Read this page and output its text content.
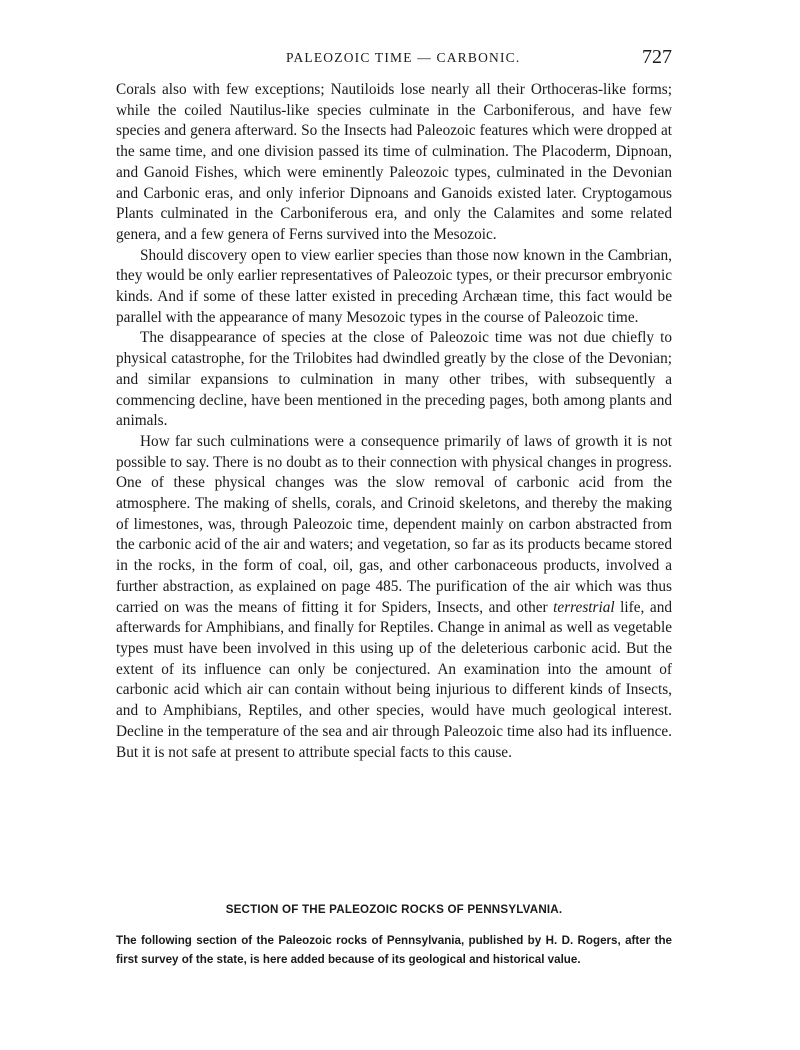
PALEOZOIC TIME — CARBONIC.	727

Corals also with few exceptions; Nautiloids lose nearly all their Orthoceras-like forms; while the coiled Nautilus-like species culminate in the Carboniferous, and have few species and genera afterward. So the Insects had Paleozoic features which were dropped at the same time, and one division passed its time of culmination. The Placoderm, Dipnoan, and Ganoid Fishes, which were eminently Paleozoic types, culminated in the Devonian and Carbonic eras, and only inferior Dipnoans and Ganoids existed later. Cryptogamous Plants culminated in the Carboniferous era, and only the Calamites and some related genera, and a few genera of Ferns survived into the Mesozoic.

Should discovery open to view earlier species than those now known in the Cambrian, they would be only earlier representatives of Paleozoic types, or their precursor embryonic kinds. And if some of these latter existed in preceding Archæan time, this fact would be parallel with the appearance of many Mesozoic types in the course of Paleozoic time.

The disappearance of species at the close of Paleozoic time was not due chiefly to physical catastrophe, for the Trilobites had dwindled greatly by the close of the Devonian; and similar expansions to culmination in many other tribes, with subsequently a commencing decline, have been mentioned in the preceding pages, both among plants and animals.

How far such culminations were a consequence primarily of laws of growth it is not possible to say. There is no doubt as to their connection with physical changes in progress. One of these physical changes was the slow removal of carbonic acid from the atmosphere. The making of shells, corals, and Crinoid skeletons, and thereby the making of limestones, was, through Paleozoic time, dependent mainly on carbon abstracted from the carbonic acid of the air and waters; and vegetation, so far as its products became stored in the rocks, in the form of coal, oil, gas, and other carbonaceous products, involved a further abstraction, as explained on page 485. The purification of the air which was thus carried on was the means of fitting it for Spiders, Insects, and other terrestrial life, and afterwards for Amphibians, and finally for Reptiles. Change in animal as well as vegetable types must have been involved in this using up of the deleterious carbonic acid. But the extent of its influence can only be conjectured. An examination into the amount of carbonic acid which air can contain without being injurious to different kinds of Insects, and to Amphibians, Reptiles, and other species, would have much geological interest. Decline in the temperature of the sea and air through Paleozoic time also had its influence. But it is not safe at present to attribute special facts to this cause.

SECTION OF THE PALEOZOIC ROCKS OF PENNSYLVANIA.

The following section of the Paleozoic rocks of Pennsylvania, published by H. D. Rogers, after the first survey of the state, is here added because of its geological and historical value.
